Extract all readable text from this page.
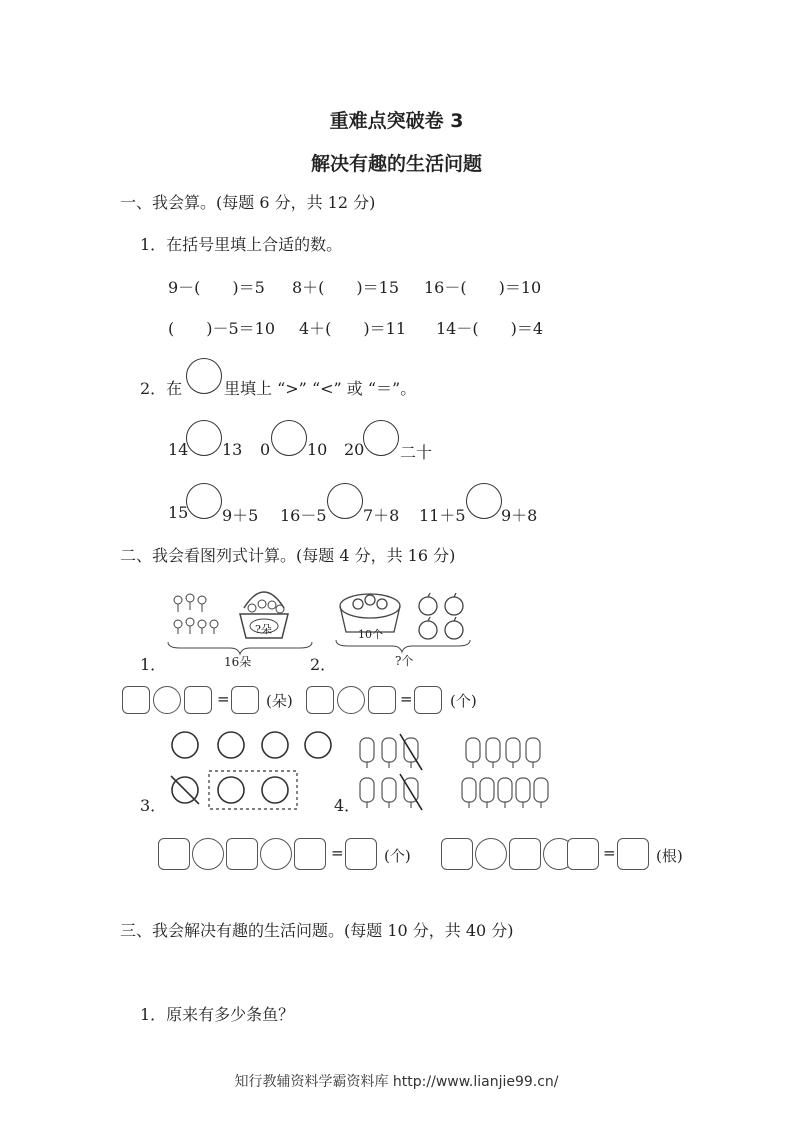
重难点突破卷 3
解决有趣的生活问题
一、我会算。(每题 6 分，共 12 分)
1．在括号里填上合适的数。
9－(　　)＝5 8＋(　　)＝15 16－(　　)＝10
(　　)－5＝10 4＋(　　)＝11 14－(　　)＝4
2．在	里填上 “>” “<” 或 “＝”。
14 13 0 10 20 二十
15 9＋5 16－5 7＋8 11＋5 9＋8
二、我会看图列式计算。(每题 4 分，共 16 分)
?朵
16朵
1．
10个
?个
2．
= (朵)	= (个)
3．	4．
=	(个)	=	(根)
三、我会解决有趣的生活问题。(每题 10 分，共 40 分)
1．原来有多少条鱼？
知行教辅资料学霸资料库 http://www.lianjie99.cn/
